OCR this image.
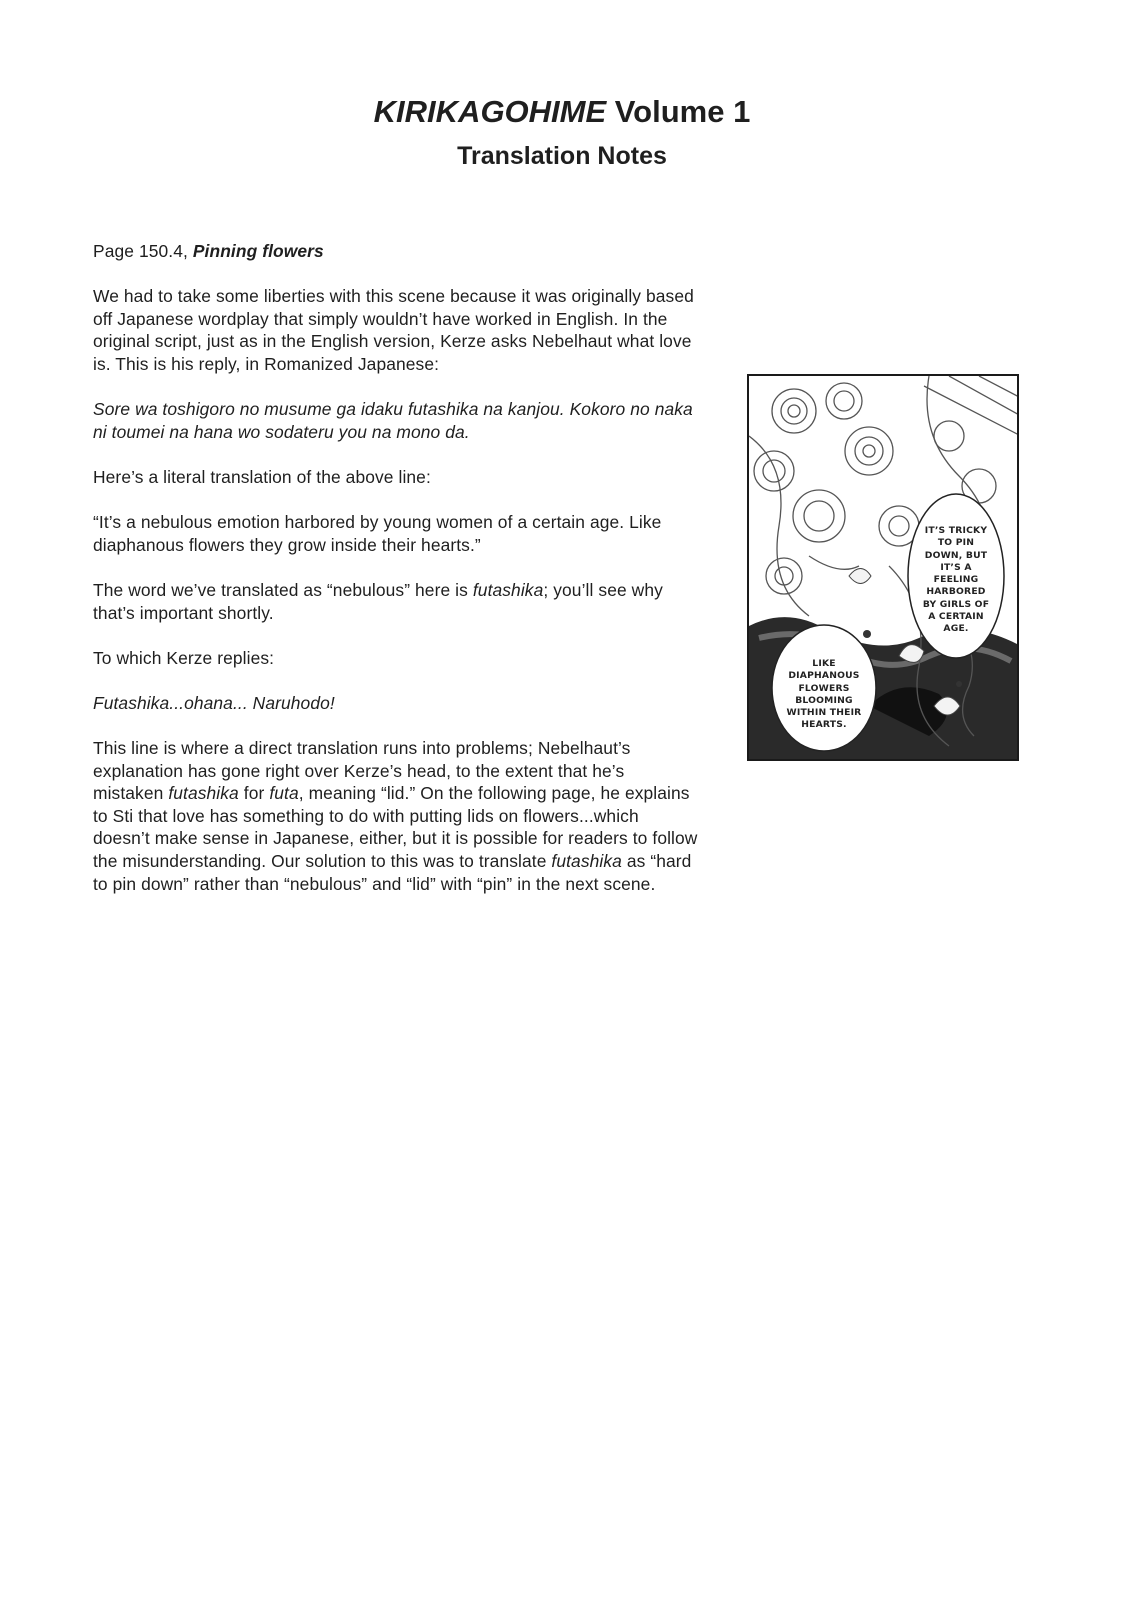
KIRIKAGOHIME Volume 1
Translation Notes

Page 150.4, Pinning flowers

We had to take some liberties with this scene because it was originally based off Japanese wordplay that simply wouldn’t have worked in English. In the original script, just as in the English version, Kerze asks Nebelhaut what love is. This is his reply, in Romanized Japanese:

Sore wa toshigoro no musume ga idaku futashika na kanjou. Kokoro no naka ni toumei na hana wo sodateru you na mono da.

Here’s a literal translation of the above line:

“It’s a nebulous emotion harbored by young women of a certain age. Like diaphanous flowers they grow inside their hearts.”

The word we’ve translated as “nebulous” here is futashika; you’ll see why that’s important shortly.

To which Kerze replies:

Futashika...ohana... Naruhodo!

This line is where a direct translation runs into problems; Nebelhaut’s explanation has gone right over Kerze’s head, to the extent that he’s mistaken futashika for futa, meaning “lid.” On the following page, he explains to Sti that love has something to do with putting lids on flowers...which doesn’t make sense in Japanese, either, but it is possible for readers to follow the misunderstanding. Our solution to this was to translate futashika as “hard to pin down” rather than “nebulous” and “lid” with “pin” in the next scene.

IT’S TRICKY TO PIN DOWN, BUT IT’S A FEELING HARBORED BY GIRLS OF A CERTAIN AGE.
LIKE DIAPHANOUS FLOWERS BLOOMING WITHIN THEIR HEARTS.
